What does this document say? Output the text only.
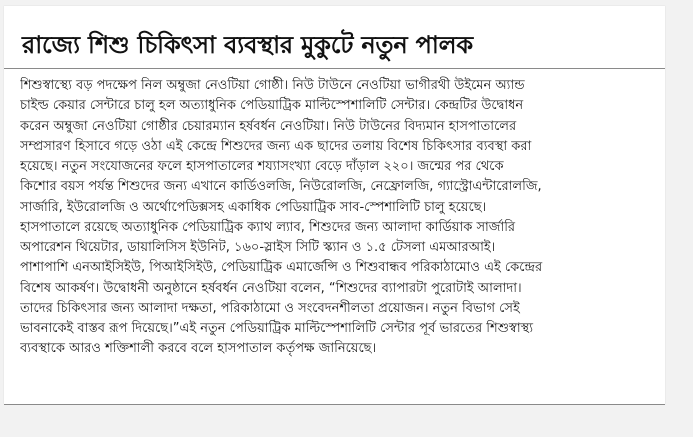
রাজ্যে শিশু চিকিৎসা ব্যবস্থার মুকুটে নতুন পালক

শিশুস্বাস্থ্যে বড় পদক্ষেপ নিল অম্বুজা নেওটিয়া গোষ্ঠী। নিউ টাউনে নেওটিয়া ভাগীরথী উইমেন অ্যান্ড
চাইল্ড কেয়ার সেন্টারে চালু হল অত্যাধুনিক পেডিয়াট্রিক মাল্টিস্পেশালিটি সেন্টার। কেন্দ্রটির উদ্বোধন
করেন অম্বুজা নেওটিয়া গোষ্ঠীর চেয়ারম্যান হর্ষবর্ধন নেওটিয়া। নিউ টাউনের বিদ্যমান হাসপাতালের
সম্প্রসারণ হিসাবে গড়ে ওঠা এই কেন্দ্রে শিশুদের জন্য এক ছাদের তলায় বিশেষ চিকিৎসার ব্যবস্থা করা
হয়েছে। নতুন সংযোজনের ফলে হাসপাতালের শয্যাসংখ্যা বেড়ে দাঁড়াল ২২০। জন্মের পর থেকে
কিশোর বয়স পর্যন্ত শিশুদের জন্য এখানে কার্ডিওলজি, নিউরোলজি, নেফ্রোলজি, গ্যাস্ট্রোএন্টারোলজি,
সার্জারি, ইউরোলজি ও অর্থোপেডিক্সসহ একাধিক পেডিয়াট্রিক সাব-স্পেশালিটি চালু হয়েছে।
হাসপাতালে রয়েছে অত্যাধুনিক পেডিয়াট্রিক ক্যাথ ল্যাব, শিশুদের জন্য আলাদা কার্ডিয়াক সার্জারি
অপারেশন থিয়েটার, ডায়ালিসিস ইউনিট, ১৬০-স্লাইস সিটি স্ক্যান ও ১.৫ টেসলা এমআরআই।
পাশাপাশি এনআইসিইউ, পিআইসিইউ, পেডিয়াট্রিক এমার্জেন্সি ও শিশুবান্ধব পরিকাঠামোও এই কেন্দ্রের
বিশেষ আকর্ষণ। উদ্বোধনী অনুষ্ঠানে হর্ষবর্ধন নেওটিয়া বলেন, “শিশুদের ব্যাপারটা পুরোটাই আলাদা।
তাদের চিকিৎসার জন্য আলাদা দক্ষতা, পরিকাঠামো ও সংবেদনশীলতা প্রয়োজন। নতুন বিভাগ সেই
ভাবনাকেই বাস্তব রূপ দিয়েছে।”এই নতুন পেডিয়াট্রিক মাল্টিস্পেশালিটি সেন্টার পূর্ব ভারতের শিশুস্বাস্থ্য
ব্যবস্থাকে আরও শক্তিশালী করবে বলে হাসপাতাল কর্তৃপক্ষ জানিয়েছে।
